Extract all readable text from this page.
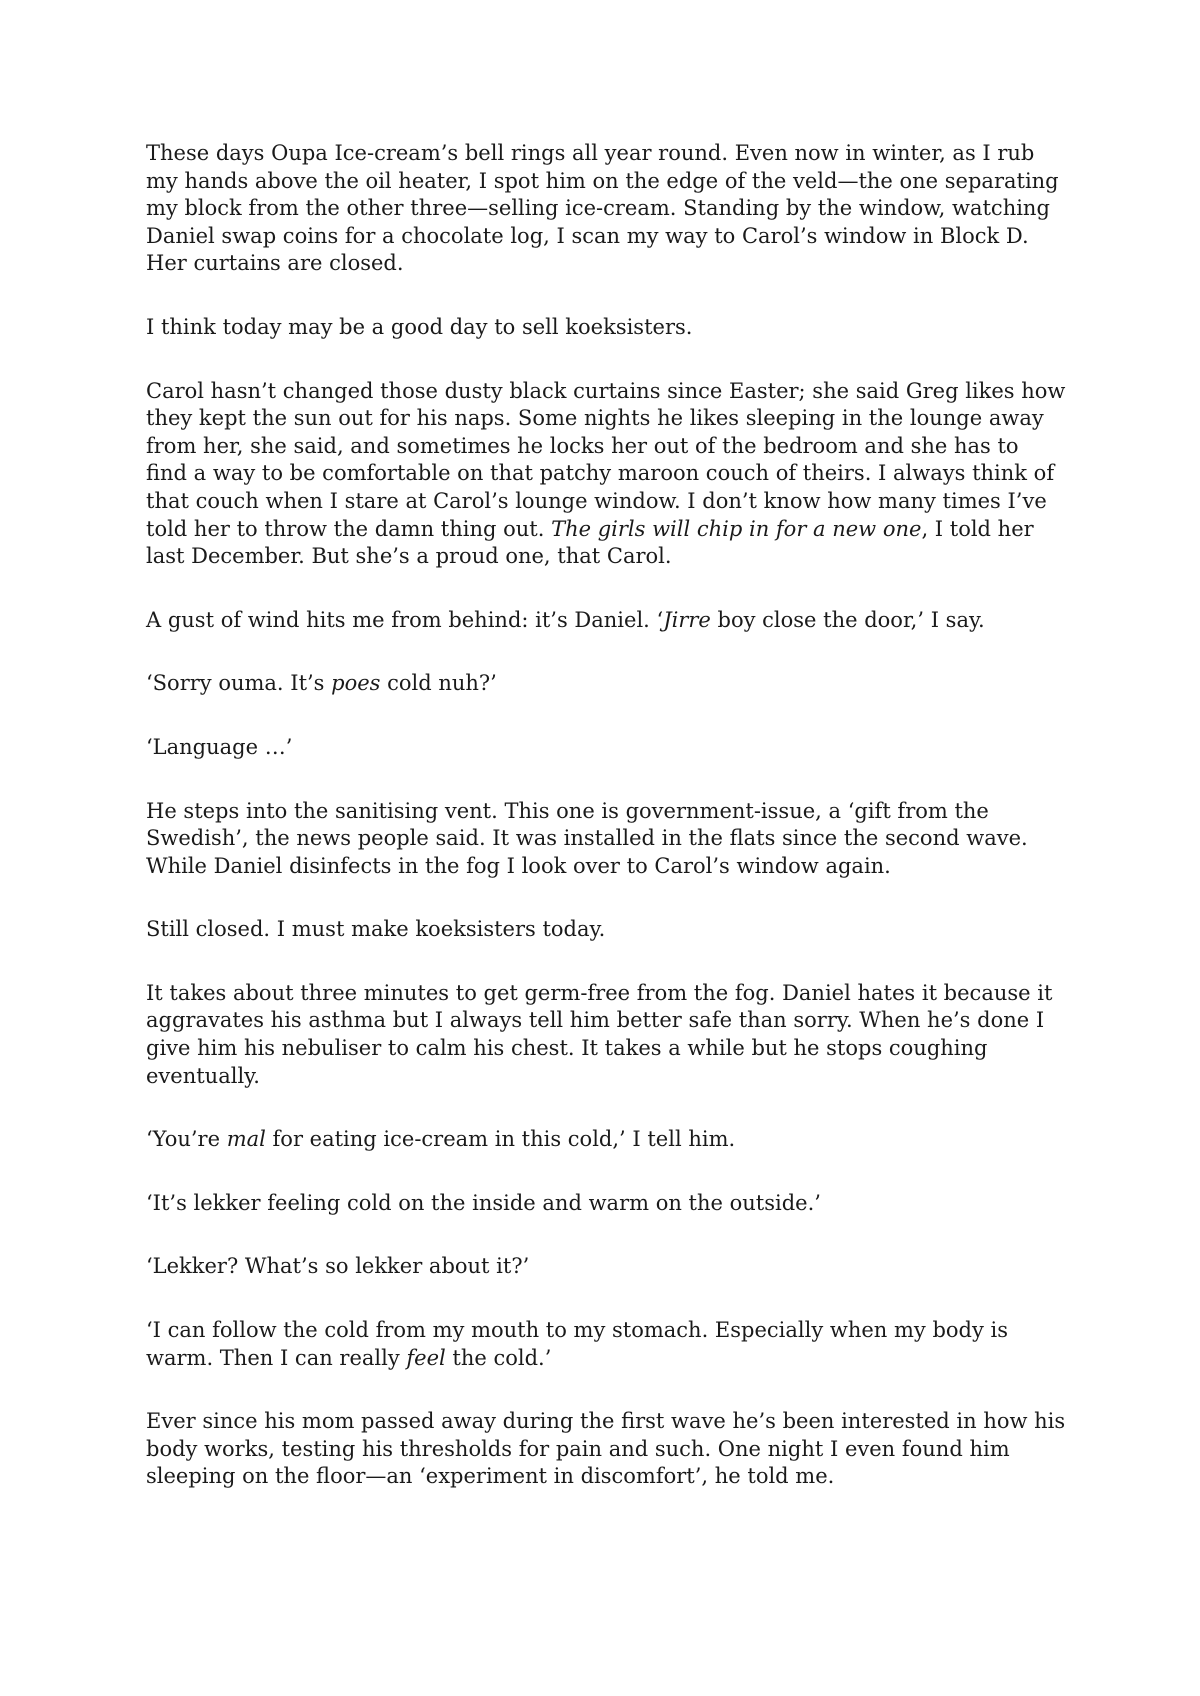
These days Oupa Ice-cream’s bell rings all year round. Even now in winter, as I rub my hands above the oil heater, I spot him on the edge of the veld—the one separating my block from the other three—selling ice-cream. Standing by the window, watching Daniel swap coins for a chocolate log, I scan my way to Carol’s window in Block D. Her curtains are closed.

I think today may be a good day to sell koeksisters.

Carol hasn’t changed those dusty black curtains since Easter; she said Greg likes how they kept the sun out for his naps. Some nights he likes sleeping in the lounge away from her, she said, and sometimes he locks her out of the bedroom and she has to find a way to be comfortable on that patchy maroon couch of theirs. I always think of that couch when I stare at Carol’s lounge window. I don’t know how many times I’ve told her to throw the damn thing out. The girls will chip in for a new one, I told her last December. But she’s a proud one, that Carol.

A gust of wind hits me from behind: it’s Daniel. ‘Jirre boy close the door,’ I say.

‘Sorry ouma. It’s poes cold nuh?’

‘Language …’

He steps into the sanitising vent. This one is government-issue, a ‘gift from the Swedish’, the news people said. It was installed in the flats since the second wave. While Daniel disinfects in the fog I look over to Carol’s window again.

Still closed. I must make koeksisters today.

It takes about three minutes to get germ-free from the fog. Daniel hates it because it aggravates his asthma but I always tell him better safe than sorry. When he’s done I give him his nebuliser to calm his chest. It takes a while but he stops coughing eventually.

‘You’re mal for eating ice-cream in this cold,’ I tell him.

‘It’s lekker feeling cold on the inside and warm on the outside.’

‘Lekker? What’s so lekker about it?’

‘I can follow the cold from my mouth to my stomach. Especially when my body is warm. Then I can really feel the cold.’

Ever since his mom passed away during the first wave he’s been interested in how his body works, testing his thresholds for pain and such. One night I even found him sleeping on the floor—an ‘experiment in discomfort’, he told me.
